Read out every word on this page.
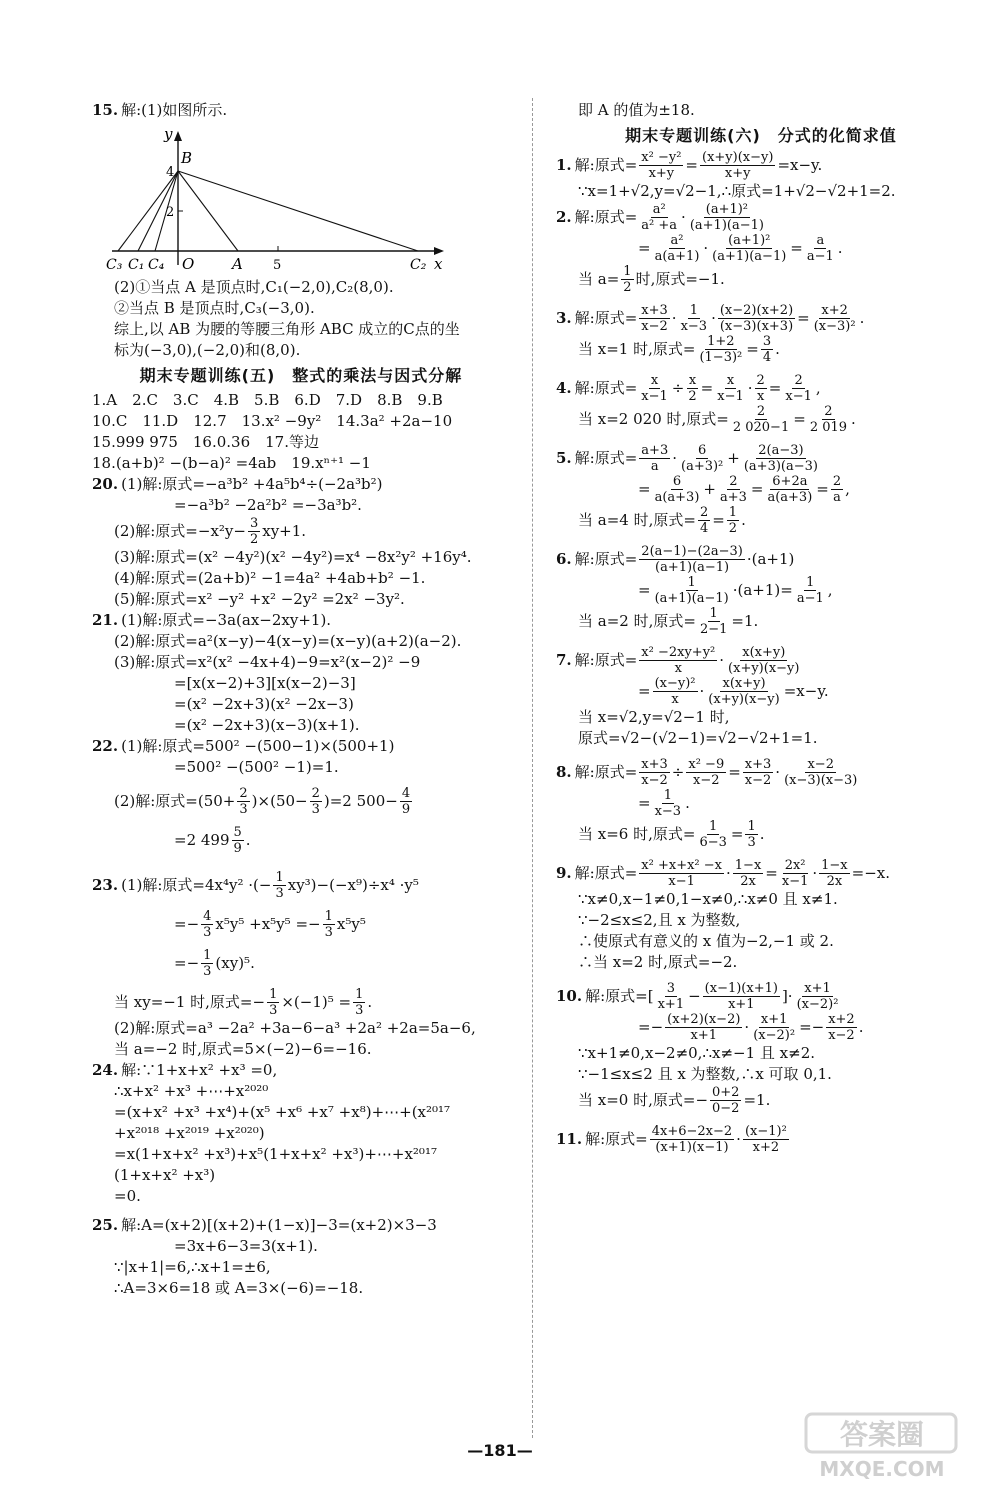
15. 解:(1)如图所示.
y
x
B
4
2
O	A 5
C₃ C₁ C₄	C₂
(2)①当点 A 是顶点时,C₁(−2,0),C₂(8,0).
②当点 B 是顶点时,C₃(−3,0).
综上,以 AB 为腰的等腰三角形 ABC 成立的C点的坐
标为(−3,0),(−2,0)和(8,0).
期末专题训练(五)　整式的乘法与因式分解
1.A　2.C　3.C　4.B　5.B　6.D　7.D　8.B　9.B
10.C　11.D　12.7　13.x² −9y²　14.3a² +2a−10
15.999 975　16.0.36　17.等边
18.(a+b)² −(b−a)² =4ab　19.xⁿ⁺¹ −1
20. (1)解:原式=−a³b² +4a⁵b⁴÷(−2a³b²)
=−a³b² −2a²b² =−3a³b².
(2)解:原式$=-x^2y- \frac{3}{2} xy+1$.
(3)解:原式=(x² −4y²)(x² −4y²)=x⁴ −8x²y² +16y⁴.
(4)解:原式=(2a+b)² −1=4a² +4ab+b² −1.
(5)解:原式=x² −y² +x² −2y² =2x² −3y².
21. (1)解:原式=−3a(ax−2xy+1).
(2)解:原式=a²(x−y)−4(x−y)=(x−y)(a+2)(a−2).
(3)解:原式=x²(x² −4x+4)−9=x²(x−2)² −9
=[x(x−2)+3][x(x−2)−3]
=(x² −2x+3)(x² −2x−3)
=(x² −2x+3)(x−3)(x+1).
22. (1)解:原式=500² −(500−1)×(500+1)
=500² −(500² −1)=1.
(2)解:原式$=(50+ \frac{2}{3} )\times(50- \frac{2}{3} )=2$ $500- \frac{4}{9}$
=2 $499 \frac{5}{9}$ .
23. (1)解:原式=4x⁴y² ·(− $\frac{1}{3} xy^3)-(-x^9)\div x^4 \cdot y^5$
=− $\frac{4}{3} x^5y^5 +x^5y^5 =- \frac{1}{3} x^5y^5$
=− $\frac{1}{3} (xy)^5$.
当 xy=−1 时,原式=− $\frac{1}{3} \times(-1)^5 = \frac{1}{3}$ .
(2)解:原式=a³ −2a² +3a−6−a³ +2a² +2a=5a−6,
当 a=−2 时,原式=5×(−2)−6=−16.
24. 解:∵1+x+x² +x³ =0,
∴x+x² +x³ +⋯+x²⁰²⁰
=(x+x² +x³ +x⁴)+(x⁵ +x⁶ +x⁷ +x⁸)+⋯+(x²⁰¹⁷
+x²⁰¹⁸ +x²⁰¹⁹ +x²⁰²⁰)
=x(1+x+x² +x³)+x⁵(1+x+x² +x³)+⋯+x²⁰¹⁷
(1+x+x² +x³)
=0.
25. 解:A=(x+2)[(x+2)+(1−x)]−3=(x+2)×3−3
=3x+6−3=3(x+1).
∵|x+1|=6,∴x+1=±6,
∴A=3×6=18 或 A=3×(−6)=−18.
即 A 的值为±18.
期末专题训练(六)　分式的化简求值
1. 解:原式= $\frac{\text{x² −y²}}{x+y} = \frac{(x+y)(x-y)}{x+y} =x-y$.
∵x=1+√2,y=√2−1,∴原式=1+√2−√2+1=2.
2. 解:原式= $\frac{\text{a²}}{\text{a² +a}} \cdot \frac{\text{(a+1)²}}{(a+1)(a-1)}$
= $\frac{\text{a²}}{a(a+1)} \cdot \frac{\text{(a+1)²}}{(a+1)(a-1)} = \frac{a}{a-1}$ .
当 $a= \frac{1}{2}$ 时,原式=−1.
3. 解:原式= $\frac{x+3}{x-2} \cdot \frac{1}{x-3} \cdot \frac{(x-2)(x+2)}{(x-3)(x+3)} = \frac{x+2}{\text{(x−3)²}}$ .
当 x=1 时,原式= $\frac{1+2}{\text{(1−3)²}} = \frac{3}{4}$ .
4. 解:原式= $\frac{x}{x-1} \div \frac{x}{2} = \frac{x}{x-1} \cdot \frac{2}{x} = \frac{2}{x-1}$ ,
当 x=2 020 时,原式= $\frac{2}{2 020-1} = \frac{2}{2 019}$ .
5. 解:原式= $\frac{a+3}{a} \cdot \frac{6}{\text{(a+3)²}} + \frac{2(a-3)}{(a+3)(a-3)}$
= $\frac{6}{a(a+3)} + \frac{2}{a+3} = \frac{6+2a}{a(a+3)} = \frac{2}{a}$ ,
当 a=4 时,原式= $\frac{2}{4} = \frac{1}{2}$ .
6. 解:原式= $\frac{2(a-1)-(2a-3)}{(a+1)(a-1)} \cdot(a+1)$
= $\frac{1}{(a+1)(a-1)} \cdot(a+1)= \frac{1}{a-1}$ ,
当 a=2 时,原式= $\frac{1}{2-1} =1$.
7. 解:原式= $\frac{\text{x² −2xy+y²}}{x} \cdot \frac{x(x+y)}{(x+y)(x-y)}$
= $\frac{\text{(x−y)²}}{x} \cdot \frac{x(x+y)}{(x+y)(x-y)} =x-y$.
当 x=√2,y=√2−1 时,
原式=√2−(√2−1)=√2−√2+1=1.
8. 解:原式= $\frac{x+3}{x-2} \div \frac{\text{x² −9}}{x-2} = \frac{x+3}{x-2} \cdot \frac{x-2}{(x-3)(x-3)}$
= $\frac{1}{x-3}$ .
当 x=6 时,原式= $\frac{1}{6-3} = \frac{1}{3}$ .
9. 解:原式= $\frac{\text{x² +x+x² −x}}{x-1} \cdot \frac{1-x}{2x} = \frac{\text{2x²}}{x-1} \cdot \frac{1-x}{2x} =-x$.
∵x≠0,x−1≠0,1−x≠0,∴x≠0 且 x≠1.
∵−2≤x≤2,且 x 为整数,
∴使原式有意义的 x 值为−2,−1 或 2.
∴当 x=2 时,原式=−2.
10. 解:原式=[ $\frac{3}{x+1} - \frac{(x-1)(x+1)}{x+1}$ ]· $\frac{x+1}{\text{(x−2)²}}$
=− $\frac{(x+2)(x-2)}{x+1} \cdot \frac{x+1}{\text{(x−2)²}} =- \frac{x+2}{x-2}$ .
∵x+1≠0,x−2≠0,∴x≠−1 且 x≠2.
∵−1≤x≤2 且 x 为整数,∴x 可取 0,1.
当 x=0 时,原式=− $\frac{0+2}{0-2} =1$.
11. 解:原式= $\frac{4x+6-2x-2}{(x+1)(x-1)} \cdot \frac{\text{(x−1)²}}{x+2}$
—181—	答案圈
MXQE.COM
